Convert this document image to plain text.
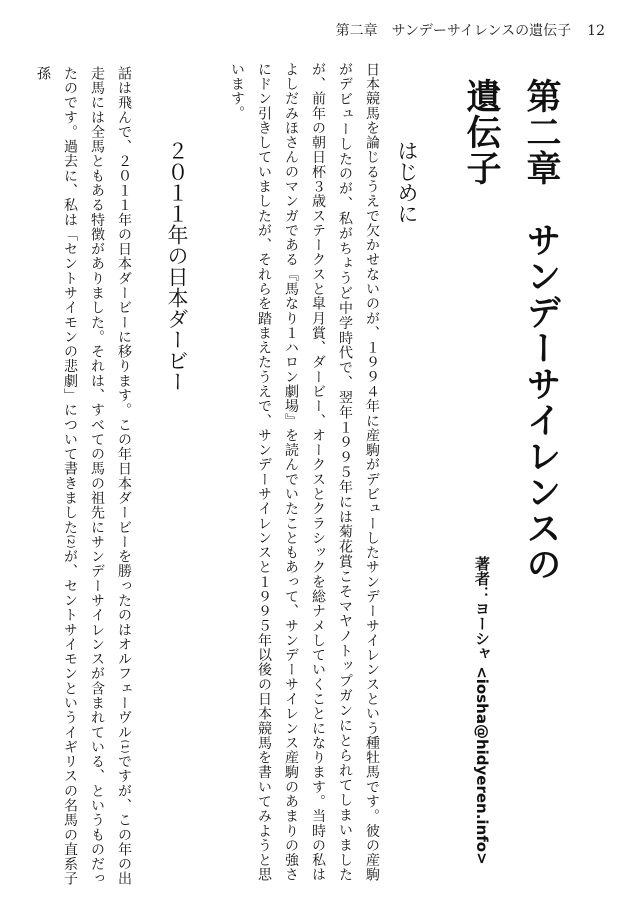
第二章　サンデーサイレンスの遺伝子 12
第二章　サンデーサイレンスの遺伝子
著者：ヨーシャ <iosha@hidyeren.info>
はじめに
日本競馬を論じるうえで欠かせないのが、１９９４年に産駒がデビューしたサンデーサイレンスという種牡馬です。彼の産駒がデビューしたのが、私がちょうど中学時代で、翌年１９９５年には菊花賞こそマヤノトップガンにとられてしまいましたが、前年の朝日杯３歳ステークスと皐月賞、ダービー、オークスとクラシックを総ナメしていくことになります。当時の私はよしだみほさんのマンガである『馬なり１ハロン劇場』を読んでいたこともあって、サンデーサイレンス産駒のあまりの強さにドン引きしていましたが、それらを踏まえたうえで、サンデーサイレンスと１９９５年以後の日本競馬を書いてみようと思います。
２０１１年の日本ダービー
話は飛んで、２０１１年の日本ダービーに移ります。この年日本ダービーを勝ったのはオルフェーヴル$^{(1)}$ですが、この年の出走馬には全馬ともある特徴がありました。それは、すべての馬の祖先にサンデーサイレンスが含まれている、というものだったのです。過去に、私は「セントサイモンの悲劇」について書きました$^{(2)}$が、セントサイモンというイギリスの名馬の直系子孫
